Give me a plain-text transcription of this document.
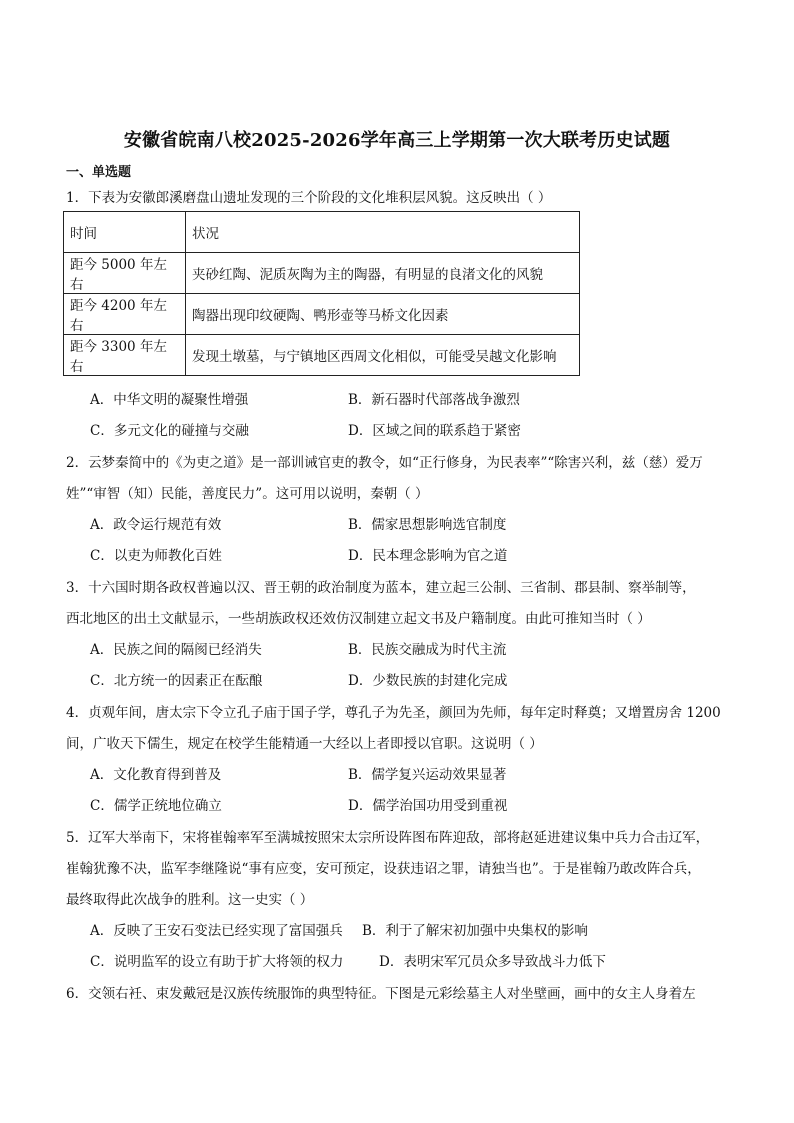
安徽省皖南八校2025-2026学年高三上学期第一次大联考历史试题
一、单选题
1．下表为安徽郎溪磨盘山遗址发现的三个阶段的文化堆积层风貌。这反映出（ ）
时间	状况
距今 5000 年左右	夹砂红陶、泥质灰陶为主的陶器，有明显的良渚文化的风貌
距今 4200 年左右	陶器出现印纹硬陶、鸭形壶等马桥文化因素
距今 3300 年左右	发现土墩墓，与宁镇地区西周文化相似，可能受吴越文化影响
A．中华文明的凝聚性增强	B．新石器时代部落战争激烈
C．多元文化的碰撞与交融	D．区域之间的联系趋于紧密
2．云梦秦简中的《为吏之道》是一部训诫官吏的教令，如“正行修身，为民表率”“除害兴利，兹（慈）爱万
姓”“审智（知）民能，善度民力”。这可用以说明，秦朝（ ）
A．政令运行规范有效	B．儒家思想影响选官制度
C．以吏为师教化百姓	D．民本理念影响为官之道
3．十六国时期各政权普遍以汉、晋王朝的政治制度为蓝本，建立起三公制、三省制、郡县制、察举制等，
西北地区的出土文献显示，一些胡族政权还效仿汉制建立起文书及户籍制度。由此可推知当时（ ）
A．民族之间的隔阂已经消失	B．民族交融成为时代主流
C．北方统一的因素正在酝酿	D．少数民族的封建化完成
4．贞观年间，唐太宗下令立孔子庙于国子学，尊孔子为先圣，颜回为先师，每年定时释奠；又增置房舍 1200
间，广收天下儒生，规定在校学生能精通一大经以上者即授以官职。这说明（ ）
A．文化教育得到普及	B．儒学复兴运动效果显著
C．儒学正统地位确立	D．儒学治国功用受到重视
5．辽军大举南下，宋将崔翰率军至满城按照宋太宗所设阵图布阵迎敌，部将赵延进建议集中兵力合击辽军，
崔翰犹豫不决，监军李继隆说“事有应变，安可预定，设获违诏之罪，请独当也”。于是崔翰乃敢改阵合兵，
最终取得此次战争的胜利。这一史实（ ）
A．反映了王安石变法已经实现了富国强兵 B．利于了解宋初加强中央集权的影响
C．说明监军的设立有助于扩大将领的权力	D．表明宋军冗员众多导致战斗力低下
6．交领右衽、束发戴冠是汉族传统服饰的典型特征。下图是元彩绘墓主人对坐壁画，画中的女主人身着左
